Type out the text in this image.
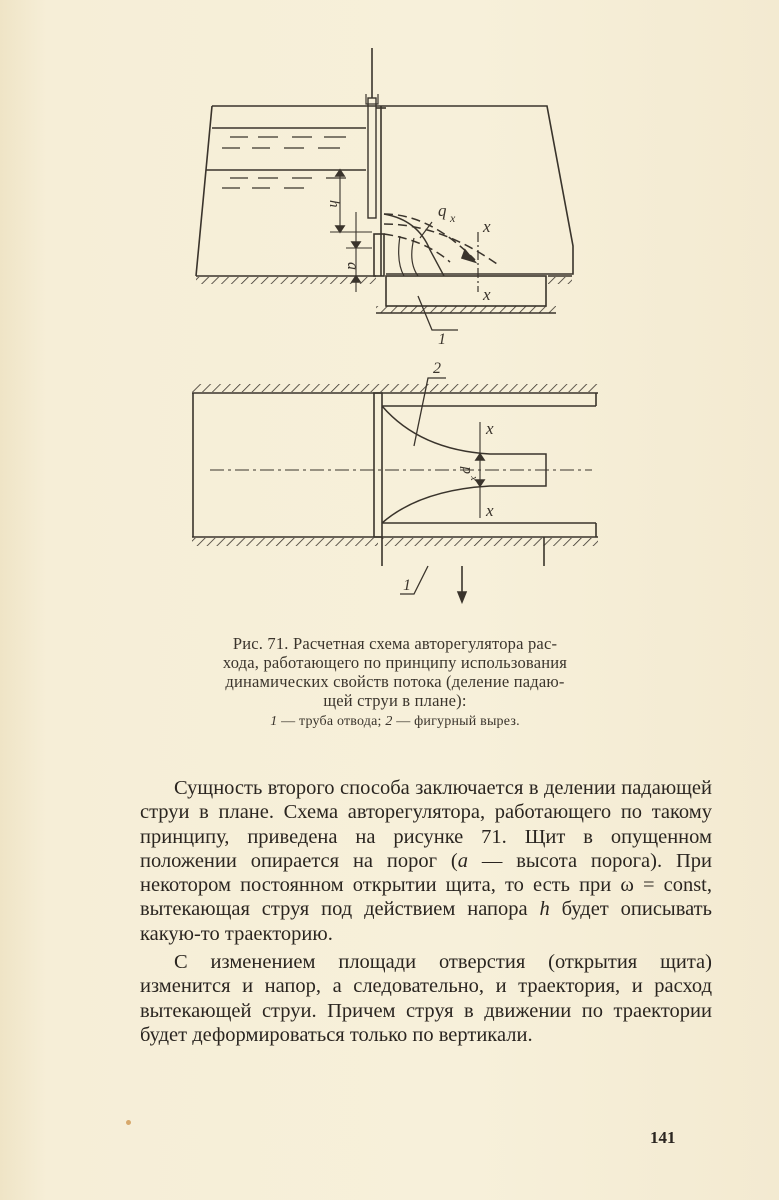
q x x
x
h
a
1
2
x
x
d
x
1
Рис. 71. Расчетная схема авторегулятора рас-
хода, работающего по принципу использования
динамических свойств потока (деление падаю-
щей струи в плане):
1 — труба отвода; 2 — фигурный вырез.

Сущность второго способа заключается в делении падающей струи в плане. Схема авторегулятора, работающего по такому принципу, приведена на рисунке 71. Щит в опущенном положении опирается на порог (a — высота порога). При некотором постоянном открытии щита, то есть при ω = const, вытекающая струя под действием напора h будет описывать какую-то траекторию.

С изменением площади отверстия (открытия щита) изменится и напор, а следовательно, и траектория, и расход вытекающей струи. Причем струя в движении по траектории будет деформироваться только по вертикали.

141
